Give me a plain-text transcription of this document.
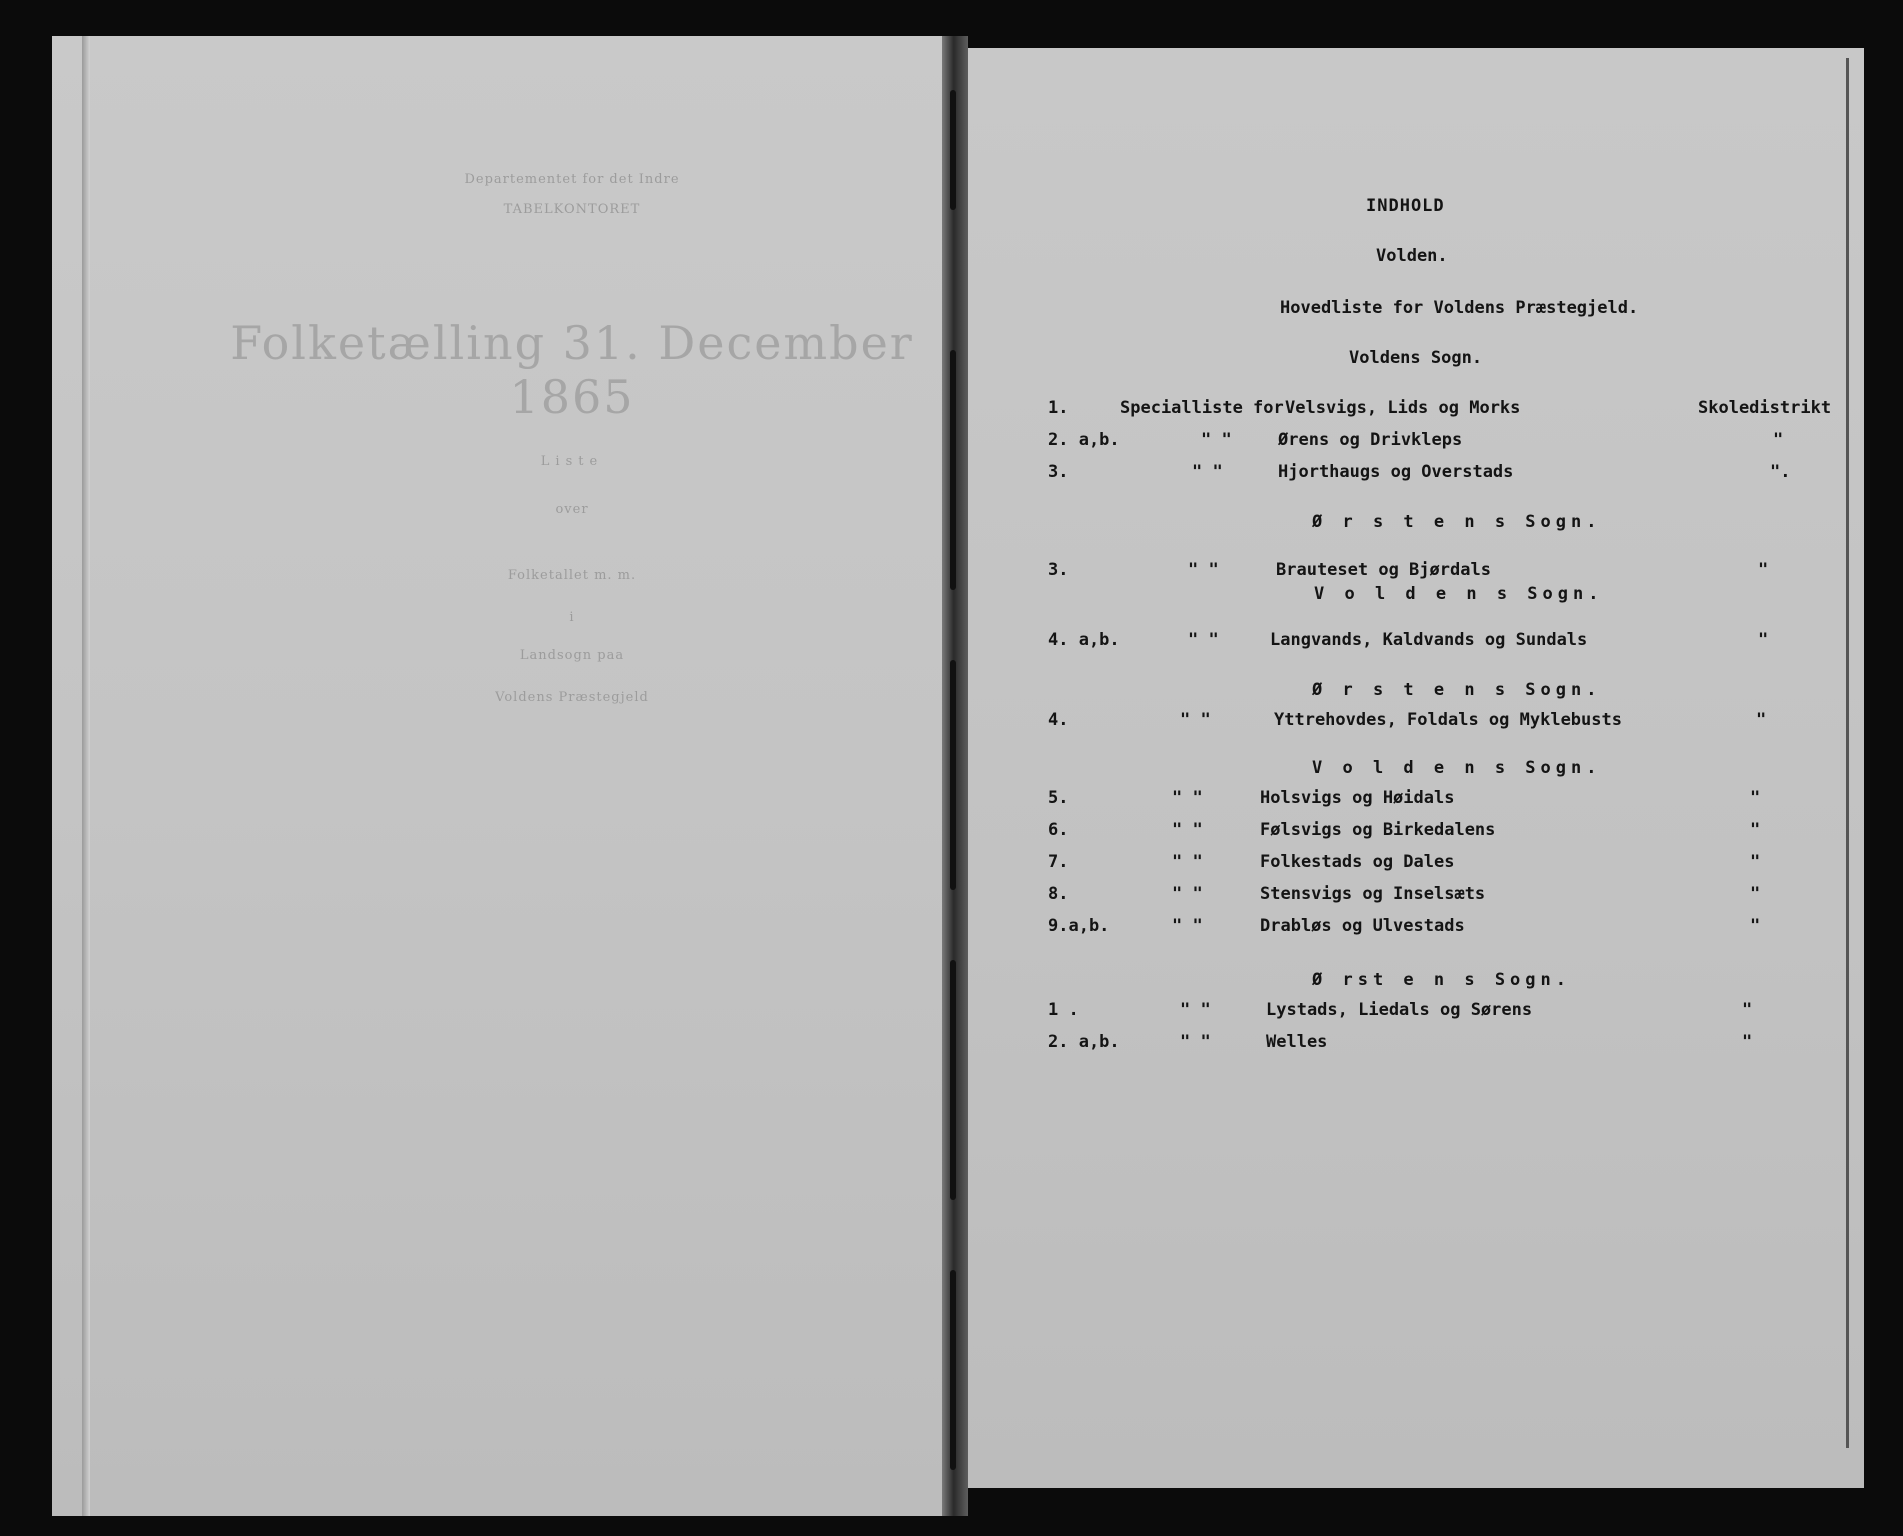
Departementet for det Indre
TABELKONTORET
Folketælling 31. December 1865
Liste
over
Folketallet m. m.
i
Landsogn paa
Voldens Præstegjeld
INDHOLD
Volden.
Hovedliste for Voldens Præstegjeld.
Voldens Sogn.
1.	Specialliste for Velsvigs, Lids og Morks	Skoledistrikt
2. a,b.	" "	Ørens og Drivkleps	"
3.	" "	Hjorthaugs og Overstads	".
Ø r s t e n s Sogn.
3.	" "	Brauteset og Bjørdals	"
V o l d e n s Sogn.
4. a,b.	" "	Langvands, Kaldvands og Sundals	"
Ø r s t e n s Sogn.
4.	" "	Yttrehovdes, Foldals og Myklebusts	"
V o l d e n s Sogn.
5.	" "	Holsvigs og Høidals	"
6.	" "	Følsvigs og Birkedalens	"
7.	" "	Folkestads og Dales	"
8.	" "	Stensvigs og Inselsæts	"
9.a,b.	" "	Drabløs og Ulvestads	"
Ø rst e n s Sogn.
1 .	" "	Lystads, Liedals og Sørens	"
2. a,b.	" "	Welles	"
